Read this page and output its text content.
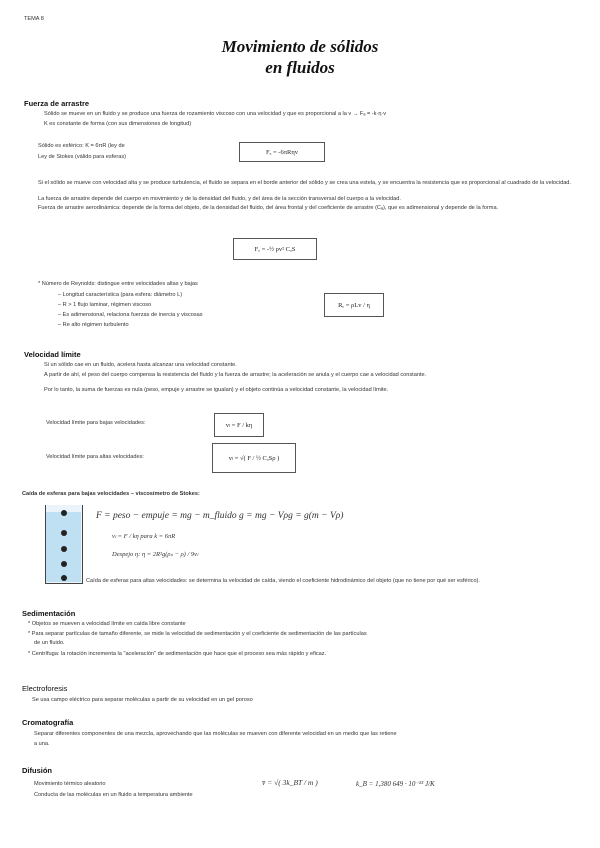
TEMA 8
Movimiento de sólidos
en fluidos
Fuerza de arrastre
Sólido se mueve en un fluido y se produce una fuerza de rozamiento viscoso con una velocidad y que es proporcional a la v → Fₐ = -k·η·v
K es constante de forma (con sus dimensiones de longitud)
Sólido es esférico: K = 6πR (ley de
Ley de Stokes (válido para esferas)
Fₐ = -6πRηv
Si el sólido se mueve con velocidad alta y se produce turbulencia, el fluido se separa en el borde anterior del sólido y se crea una estela, y se encuentra la resistencia que es proporcional al cuadrado de la velocidad.
La fuerza de arrastre depende del cuerpo en movimiento y de la densidad del fluido, y del área de la sección transversal del cuerpo a la velocidad.
Fuerza de arrastre aerodinámica: depende de la forma del objeto, de la densidad del fluido, del área frontal y del coeficiente de arrastre (Cₐ), que es adimensional y depende de la forma.
Fₐ = -½ ρv² CₐS
* Número de Reynolds: distingue entre velocidades altas y bajas
– Longitud característica (para esfera: diámetro L)
– R > 1 flujo laminar, régimen viscoso
– Es adimensional, relaciona fuerzas de inercia y viscosas
– Re alto régimen turbulento
Rₑ = ρLv / η
Velocidad límite
Si un sólido cae en un fluido, acelera hasta alcanzar una velocidad constante.
A partir de ahí, el peso del cuerpo compensa la resistencia del fluido y la fuerza de arrastre; la aceleración se anula y el cuerpo cae a velocidad constante.
Por lo tanto, la suma de fuerzas es nula (peso, empuje y arrastre se igualan) y el objeto continúa a velocidad constante, la velocidad límite.
Velocidad límite para bajas velocidades:	vₗ = F / kη
Velocidad límite para altas velocidades:	vₗ = √( F / ½ CₐSρ )
Caída de esferas para bajas velocidades – viscosímetro de Stokes:
F = peso − empuje = mg − m_fluido g = mg − Vρg = g(m − Vρ)
vₗ = F / kη para k = 6πR
Despejo η: η = 2R²g(ρₛ − ρ) / 9vₗ
Caída de esferas para altas velocidades: se determina la velocidad de caída, viendo el coeficiente hidrodinámico del objeto (que no tiene por qué ser esférico).
Sedimentación
* Objetos se mueven a velocidad límite en caída libre constante
* Para separar partículas de tamaño diferente, se mide la velocidad de sedimentación y el coeficiente de sedimentación de las partículas
de un fluido.
* Centrífuga: la rotación incrementa la "aceleración" de sedimentación que hace que el proceso sea más rápido y eficaz.
Electroforesis
Se usa campo eléctrico para separar moléculas a partir de su velocidad en un gel poroso
Cromatografía
Separar diferentes componentes de una mezcla, aprovechando que las moléculas se mueven con diferente velocidad en un medio que las retiene
a una.
Difusión
Movimiento térmico aleatorio
Conducta de las moléculas en un fluido a temperatura ambiente
v̄ = √( 3k_BT / m )	k_B = 1,380 649 · 10⁻²³ J/K
